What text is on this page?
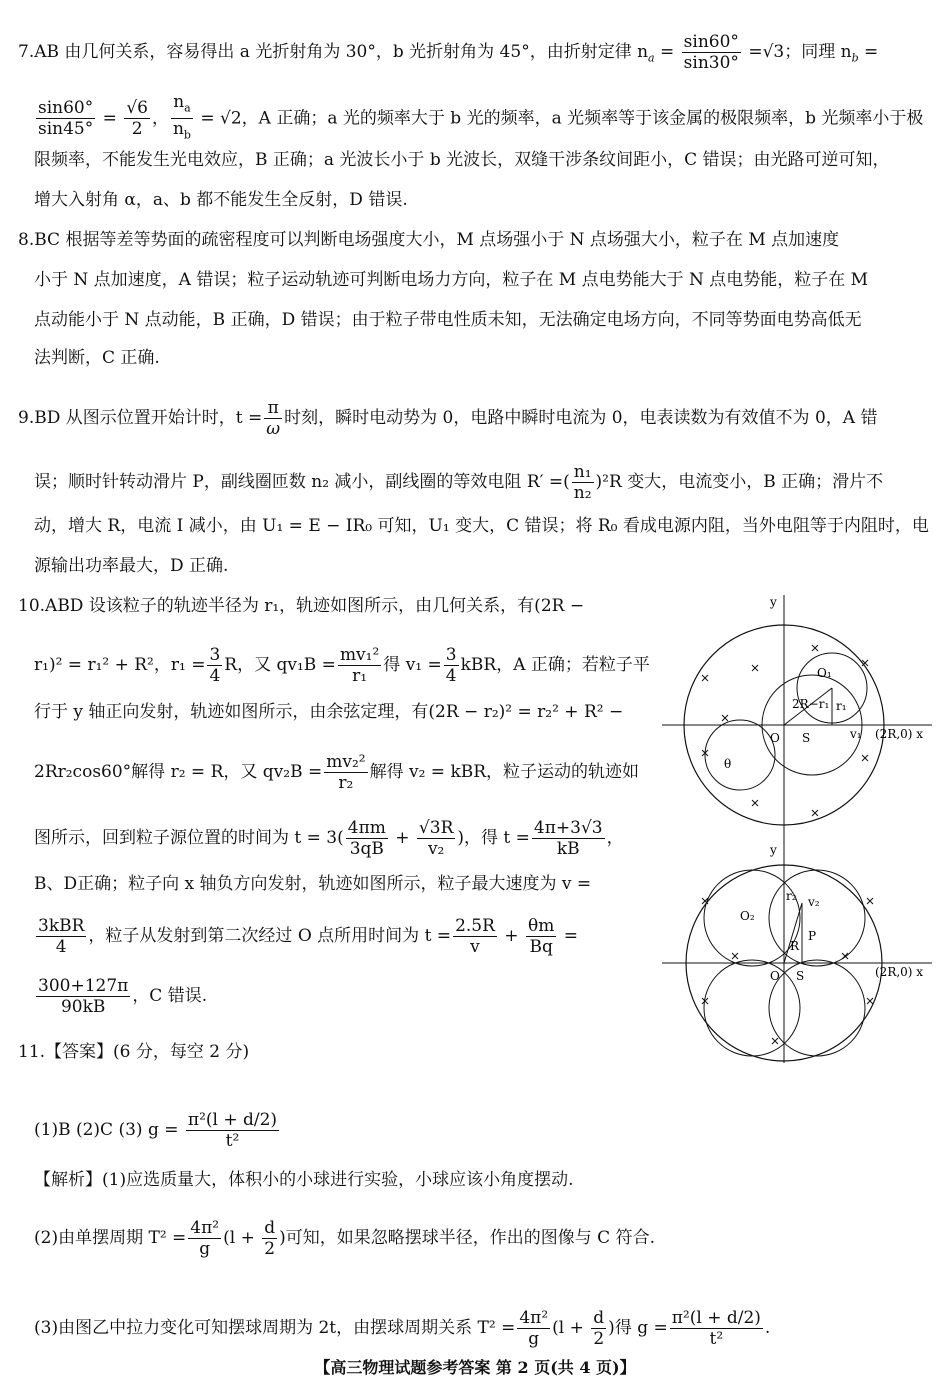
7.AB 由几何关系，容易得出 a 光折射角为 30°，b 光折射角为 45°，由折射定律 $n_a = \frac{\sin 60^\circ}{\sin 30^\circ} =√3$；同理 $n_b$ =
$\frac{\sin 60^\circ}{\sin 45^\circ} = \frac{√6}{2}$ ， $\frac{n_a}{n_b} = √2$，A 正确；a 光的频率大于 b 光的频率，a 光频率等于该金属的极限频率，b 光频率小于极
限频率，不能发生光电效应，B 正确；a 光波长小于 b 光波长，双缝干涉条纹间距小，C 错误；由光路可逆可知，
增大入射角 α，a、b 都不能发生全反射，D 错误.
8.BC 根据等差等势面的疏密程度可以判断电场强度大小，M 点场强小于 N 点场强大小，粒子在 M 点加速度
小于 N 点加速度，A 错误；粒子运动轨迹可判断电场力方向，粒子在 M 点电势能大于 N 点电势能，粒子在 M
点动能小于 N 点动能，B 正确，D 错误；由于粒子带电性质未知，无法确定电场方向，不同等势面电势高低无
法判断，C 正确.
9.BD 从图示位置开始计时，$t = \frac{\pi}{\omega}$ 时刻，瞬时电动势为 0，电路中瞬时电流为 0，电表读数为有效值不为 0，A 错
误；顺时针转动滑片 P，副线圈匝数 n₂ 减小，副线圈的等效电阻 R′ =( $\frac{\text{n₁}}{\text{n₂}} )^2R$ 变大，电流变小，B 正确；滑片不
动，增大 R，电流 I 减小，由 U₁ = E − IR₀ 可知，U₁ 变大，C 错误；将 R₀ 看成电源内阻，当外电阻等于内阻时，电
源输出功率最大，D 正确.
10.ABD 设该粒子的轨迹半径为 r₁，轨迹如图所示，由几何关系，有(2R −
r₁)² = r₁² + R²，$r_1 = \frac{3}{4}$ R，又 $qv_1B = \frac{\text{mv₁²}}{\text{r₁}}$ 得 $v_1 = \frac{3}{4}$ kBR，A 正确；若粒子平
行于 y 轴正向发射，轨迹如图所示，由余弦定理，有(2R − r₂)² = r₂² + R² −
2Rr₂cos60°解得 r₂ = R，又 $qv_2B = \frac{\text{mv₂²}}{\text{r₂}}$ 解得 v₂ = kBR，粒子运动的轨迹如
图所示，回到粒子源位置的时间为 $t = 3( \frac{4\pi m}{3qB} + \frac{√3R}{\text{v₂}}$ )，得 $t = \frac{4\pi+3√3}{kB}$ ，
B、D正确；粒子向 x 轴负方向发射，轨迹如图所示，粒子最大速度为 v =
$\frac{\text{3kBR}}{4}$ ，粒子从发射到第二次经过 O 点所用时间为 $t = \frac{2.5R}{v} + \frac{\theta m}{Bq}$ =
$\frac{300+127\pi}{90kB}$ ，C 错误.
y
(2R,0) x
O S
O₁
r₁
v₁
2R−r₁
θ
y
(2R,0) x
O S
R
P
v₂
O₂
r₂
11.【答案】(6 分，每空 2 分)
(1)B (2)C (3) $g = \frac{\text{π²(l + d/2)}}{\text{t²}}$
【解析】(1)应选质量大，体积小的小球进行实验，小球应该小角度摆动.
(2)由单摆周期 $T^2 = \frac{\text{4π²}}{g} (l + \frac{d}{2}$ )可知，如果忽略摆球半径，作出的图像与 C 符合.
(3)由图乙中拉力变化可知摆球周期为 2t，由摆球周期关系 $T^2 = \frac{\text{4π²}}{g} (l + \frac{d}{2}$ )得 $g = \frac{\text{π²(l + d/2)}}{\text{t²}}$ .
【高三物理试题参考答案 第 2 页(共 4 页)】
